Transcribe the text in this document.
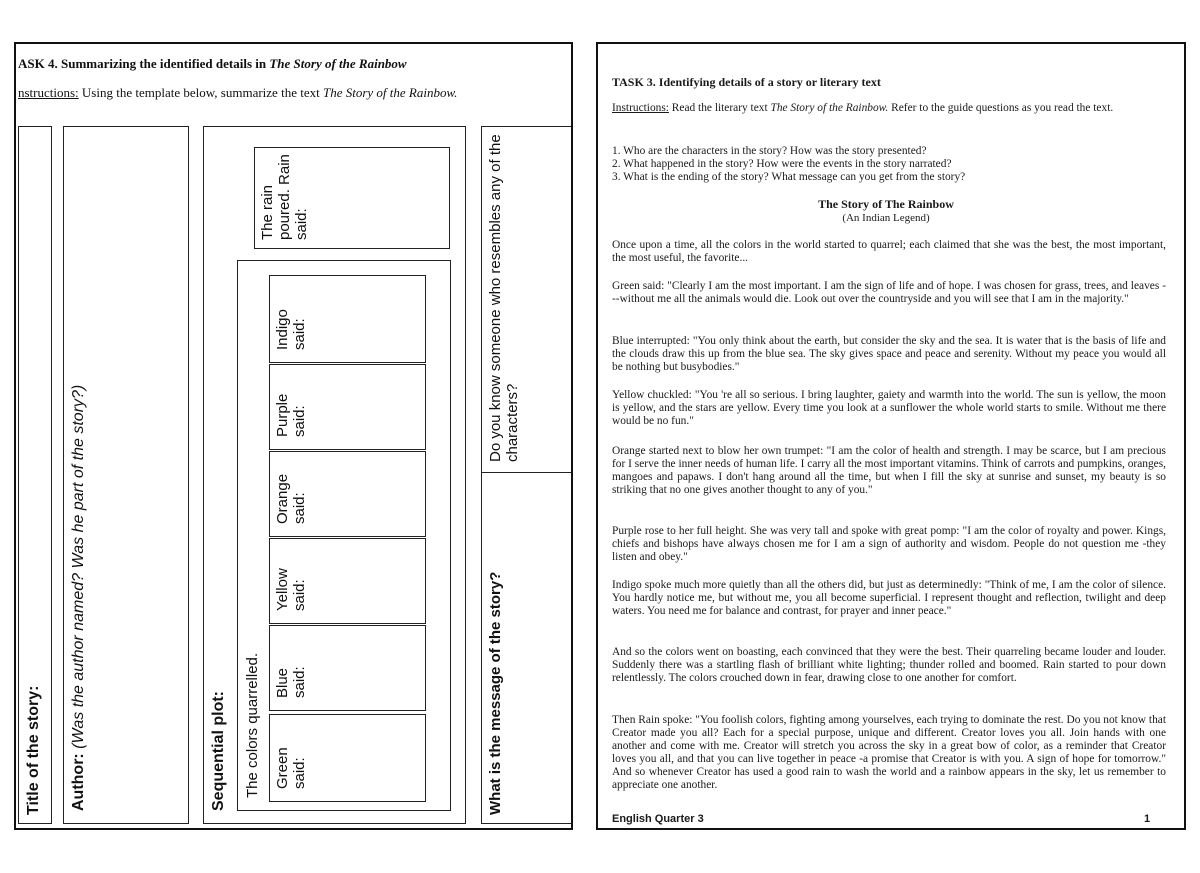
ASK 4. Summarizing the identified details in The Story of the Rainbow
nstructions: Using the template below, summarize the text The Story of the Rainbow.
Title of the story: Author: (Was the author named? Was he part of the story?)
Sequential plot: The colors quarrelled. Green said:
Blue said:
Yellow said:
Orange said:
Purple said:
Indigo said:
The rain poured. Rain said:	Do you know someone who resembles any of the characters?
What is the message of the story?
TASK 3. Identifying details of a story or literary text
Instructions: Read the literary text The Story of the Rainbow. Refer to the guide questions as you read the text.
1. Who are the characters in the story? How was the story presented?
2. What happened in the story? How were the events in the story narrated?
3. What is the ending of the story? What message can you get from the story?
The Story of The Rainbow
(An Indian Legend)
Once upon a time, all the colors in the world started to quarrel; each claimed that she was the best, the most important, the most useful, the favorite...
Green said: "Clearly I am the most important. I am the sign of life and of hope. I was chosen for grass, trees, and leaves ---without me all the animals would die. Look out over the countryside and you will see that I am in the majority."
Blue interrupted: "You only think about the earth, but consider the sky and the sea. It is water that is the basis of life and the clouds draw this up from the blue sea. The sky gives space and peace and serenity. Without my peace you would all be nothing but busybodies."
Yellow chuckled: "You 're all so serious. I bring laughter, gaiety and warmth into the world. The sun is yellow, the moon is yellow, and the stars are yellow. Every time you look at a sunflower the whole world starts to smile. Without me there would be no fun."
Orange started next to blow her own trumpet: "I am the color of health and strength. I may be scarce, but I am precious for I serve the inner needs of human life. I carry all the most important vitamins. Think of carrots and pumpkins, oranges, mangoes and papaws. I don't hang around all the time, but when I fill the sky at sunrise and sunset, my beauty is so striking that no one gives another thought to any of you."
Purple rose to her full height. She was very tall and spoke with great pomp: "I am the color of royalty and power. Kings, chiefs and bishops have always chosen me for I am a sign of authority and wisdom. People do not question me -they listen and obey."
Indigo spoke much more quietly than all the others did, but just as determinedly: "Think of me, I am the color of silence. You hardly notice me, but without me, you all become superficial. I represent thought and reflection, twilight and deep waters. You need me for balance and contrast, for prayer and inner peace."
And so the colors went on boasting, each convinced that they were the best. Their quarreling became louder and louder. Suddenly there was a startling flash of brilliant white lighting; thunder rolled and boomed. Rain started to pour down relentlessly. The colors crouched down in fear, drawing close to one another for comfort.
Then Rain spoke: "You foolish colors, fighting among yourselves, each trying to dominate the rest. Do you not know that Creator made you all? Each for a special purpose, unique and different. Creator loves you all. Join hands with one another and come with me. Creator will stretch you across the sky in a great bow of color, as a reminder that Creator loves you all, and that you can live together in peace -a promise that Creator is with you. A sign of hope for tomorrow." And so whenever Creator has used a good rain to wash the world and a rainbow appears in the sky, let us remember to appreciate one another.
English Quarter 3	1
